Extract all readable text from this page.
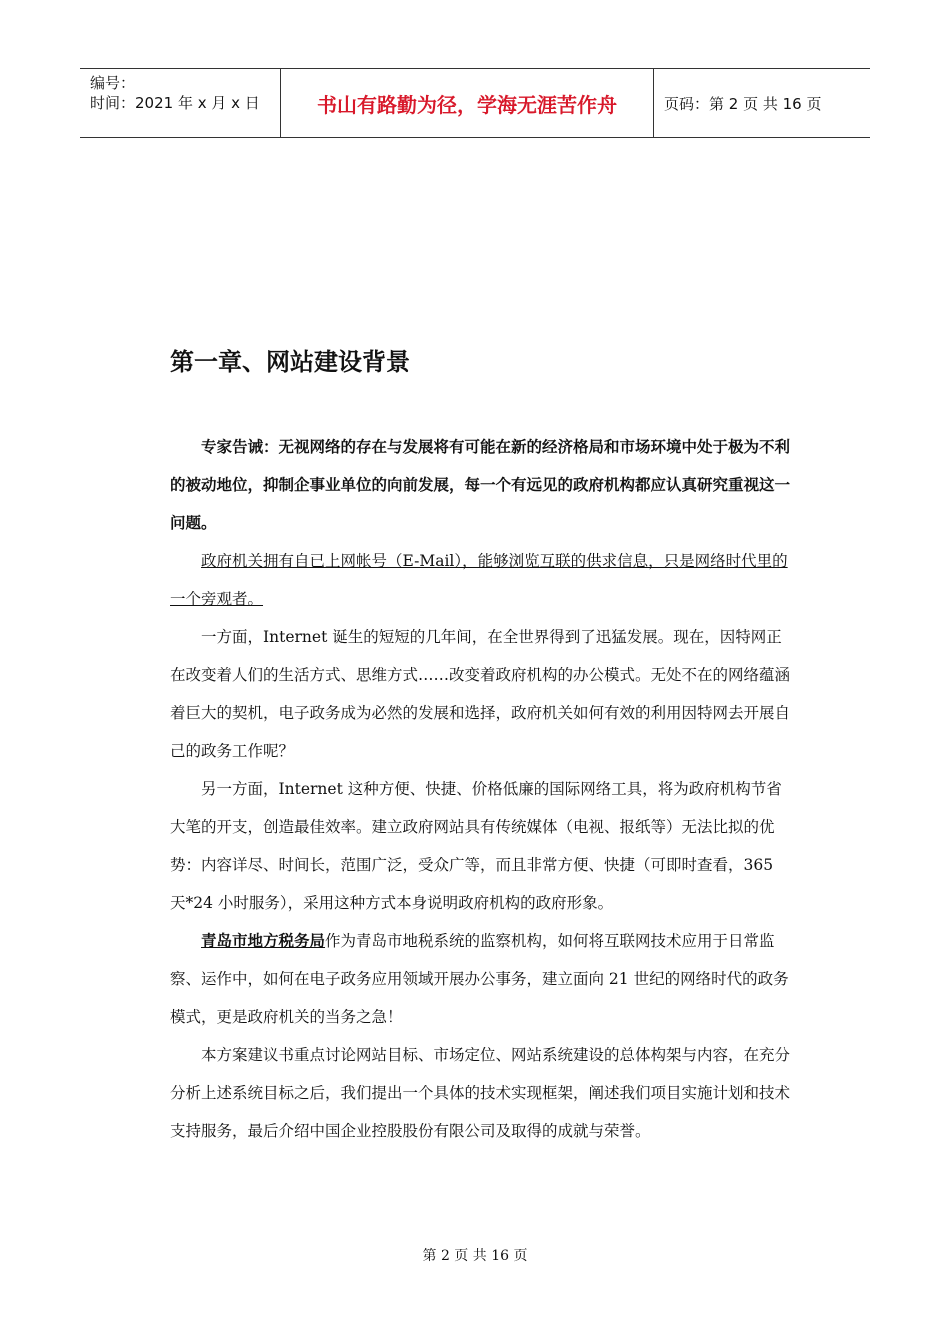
编号：
时间：2021 年 x 月 x 日	书山有路勤为径，学海无涯苦作舟	页码：第 2 页 共 16 页
第一章、网站建设背景

专家告诫：无视网络的存在与发展将有可能在新的经济格局和市场环境中处于极为不利的被动地位，抑制企事业单位的向前发展，每一个有远见的政府机构都应认真研究重视这一问题。

政府机关拥有自已上网帐号（E-Mail），能够浏览互联的供求信息，只是网络时代里的一个旁观者。

一方面，Internet 诞生的短短的几年间，在全世界得到了迅猛发展。现在，因特网正在改变着人们的生活方式、思维方式……改变着政府机构的办公模式。无处不在的网络蕴涵着巨大的契机，电子政务成为必然的发展和选择，政府机关如何有效的利用因特网去开展自己的政务工作呢？

另一方面，Internet 这种方便、快捷、价格低廉的国际网络工具，将为政府机构节省大笔的开支，创造最佳效率。建立政府网站具有传统媒体（电视、报纸等）无法比拟的优势：内容详尽、时间长，范围广泛，受众广等，而且非常方便、快捷（可即时查看，365 天*24 小时服务），采用这种方式本身说明政府机构的政府形象。

青岛市地方税务局作为青岛市地税系统的监察机构，如何将互联网技术应用于日常监察、运作中，如何在电子政务应用领域开展办公事务，建立面向 21 世纪的网络时代的政务模式，更是政府机关的当务之急！

本方案建议书重点讨论网站目标、市场定位、网站系统建设的总体构架与内容，在充分分析上述系统目标之后，我们提出一个具体的技术实现框架，阐述我们项目实施计划和技术支持服务，最后介绍中国企业控股股份有限公司及取得的成就与荣誉。

第 2 页 共 16 页
